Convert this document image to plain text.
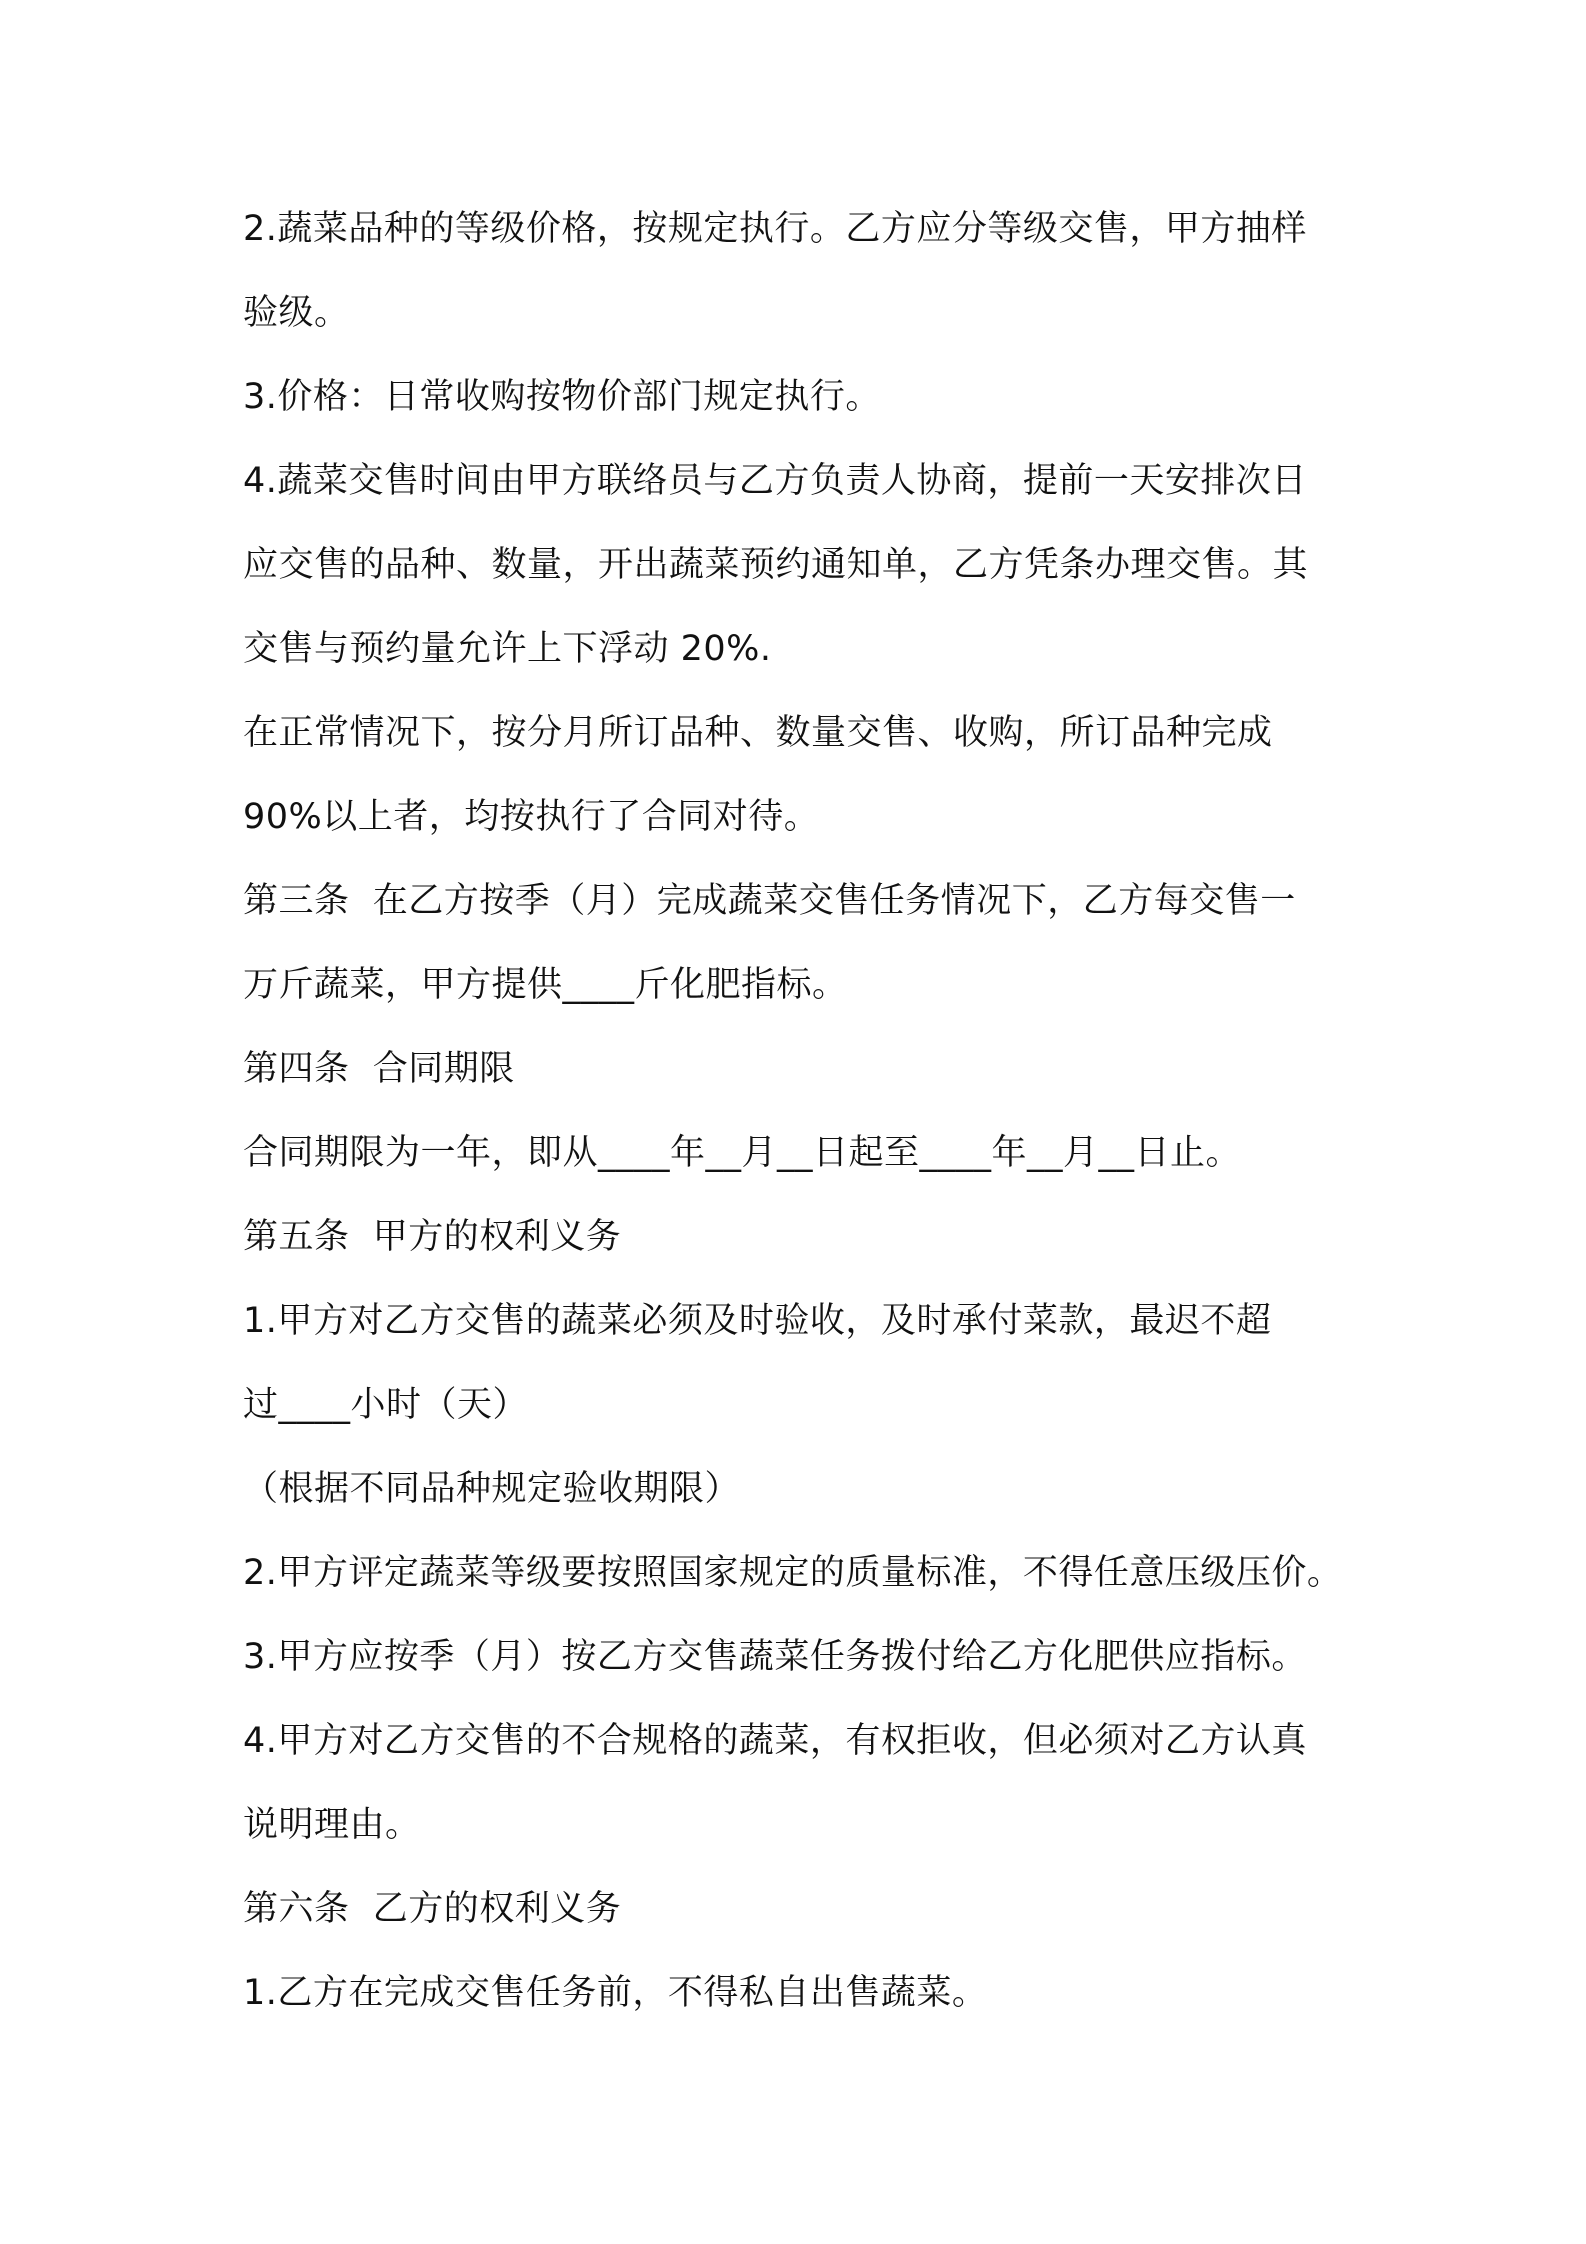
2.蔬菜品种的等级价格，按规定执行。乙方应分等级交售，甲方抽样
验级。
3.价格：日常收购按物价部门规定执行。
4.蔬菜交售时间由甲方联络员与乙方负责人协商，提前一天安排次日
应交售的品种、数量，开出蔬菜预约通知单，乙方凭条办理交售。其
交售与预约量允许上下浮动 20%.
在正常情况下，按分月所订品种、数量交售、收购，所订品种完成
90%以上者，均按执行了合同对待。
第三条  在乙方按季（月）完成蔬菜交售任务情况下，乙方每交售一
万斤蔬菜，甲方提供____斤化肥指标。
第四条  合同期限
合同期限为一年，即从____年__月__日起至____年__月__日止。
第五条  甲方的权利义务
1.甲方对乙方交售的蔬菜必须及时验收，及时承付菜款，最迟不超
过____小时（天）
（根据不同品种规定验收期限）
2.甲方评定蔬菜等级要按照国家规定的质量标准，不得任意压级压价。
3.甲方应按季（月）按乙方交售蔬菜任务拨付给乙方化肥供应指标。
4.甲方对乙方交售的不合规格的蔬菜，有权拒收，但必须对乙方认真
说明理由。
第六条  乙方的权利义务
1.乙方在完成交售任务前，不得私自出售蔬菜。
